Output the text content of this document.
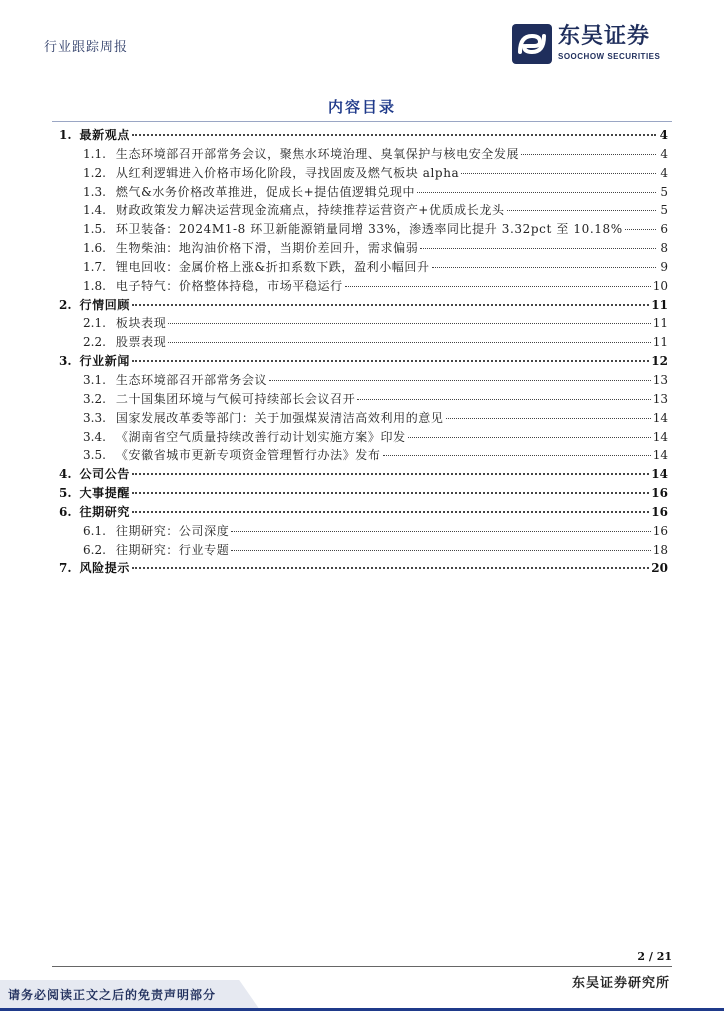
行业跟踪周报	东吴证券
SOOCHOW SECURITIES
内容目录
1. 最新观点	4
1.1. 生态环境部召开部常务会议，聚焦水环境治理、臭氧保护与核电安全发展	4
1.2. 从红利逻辑进入价格市场化阶段，寻找固废及燃气板块 alpha	4
1.3. 燃气&水务价格改革推进，促成长+提估值逻辑兑现中	5
1.4. 财政政策发力解决运营现金流痛点，持续推荐运营资产+优质成长龙头	5
1.5. 环卫装备：2024M1-8 环卫新能源销量同增 33%，渗透率同比提升 3.32pct 至 10.18%	6
1.6. 生物柴油：地沟油价格下滑，当期价差回升，需求偏弱	8
1.7. 锂电回收：金属价格上涨&折扣系数下跌，盈利小幅回升	9
1.8. 电子特气：价格整体持稳，市场平稳运行	10
2. 行情回顾	11
2.1. 板块表现	11
2.2. 股票表现	11
3. 行业新闻	12
3.1. 生态环境部召开部常务会议	13
3.2. 二十国集团环境与气候可持续部长会议召开	13
3.3. 国家发展改革委等部门：关于加强煤炭清洁高效利用的意见	14
3.4. 《湖南省空气质量持续改善行动计划实施方案》印发	14
3.5. 《安徽省城市更新专项资金管理暂行办法》发布	14
4. 公司公告	14
5. 大事提醒	16
6. 往期研究	16
6.1. 往期研究：公司深度	16
6.2. 往期研究：行业专题	18
7. 风险提示	20
2 / 21
东吴证券研究所
请务必阅读正文之后的免责声明部分
